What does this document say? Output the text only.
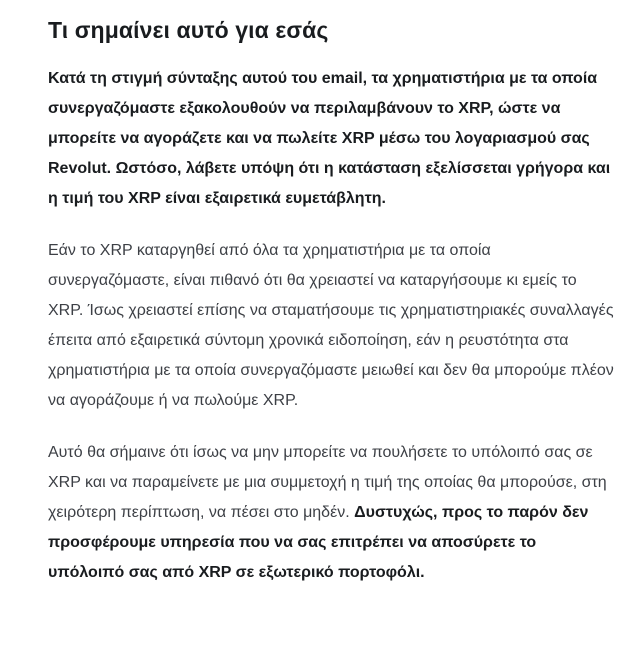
Τι σημαίνει αυτό για εσάς

Κατά τη στιγμή σύνταξης αυτού του email, τα χρηματιστήρια με τα οποία συνεργαζόμαστε εξακολουθούν να περιλαμβάνουν το XRP, ώστε να μπορείτε να αγοράζετε και να πωλείτε XRP μέσω του λογαριασμού σας Revolut. Ωστόσο, λάβετε υπόψη ότι η κατάσταση εξελίσσεται γρήγορα και η τιμή του XRP είναι εξαιρετικά ευμετάβλητη.

Εάν το XRP καταργηθεί από όλα τα χρηματιστήρια με τα οποία συνεργαζόμαστε, είναι πιθανό ότι θα χρειαστεί να καταργήσουμε κι εμείς το XRP. Ίσως χρειαστεί επίσης να σταματήσουμε τις χρηματιστηριακές συναλλαγές έπειτα από εξαιρετικά σύντομη χρονικά ειδοποίηση, εάν η ρευστότητα στα χρηματιστήρια με τα οποία συνεργαζόμαστε μειωθεί και δεν θα μπορούμε πλέον να αγοράζουμε ή να πωλούμε XRP.

Αυτό θα σήμαινε ότι ίσως να μην μπορείτε να πουλήσετε το υπόλοιπό σας σε XRP και να παραμείνετε με μια συμμετοχή η τιμή της οποίας θα μπορούσε, στη χειρότερη περίπτωση, να πέσει στο μηδέν. Δυστυχώς, προς το παρόν δεν προσφέρουμε υπηρεσία που να σας επιτρέπει να αποσύρετε το υπόλοιπό σας από XRP σε εξωτερικό πορτοφόλι.
